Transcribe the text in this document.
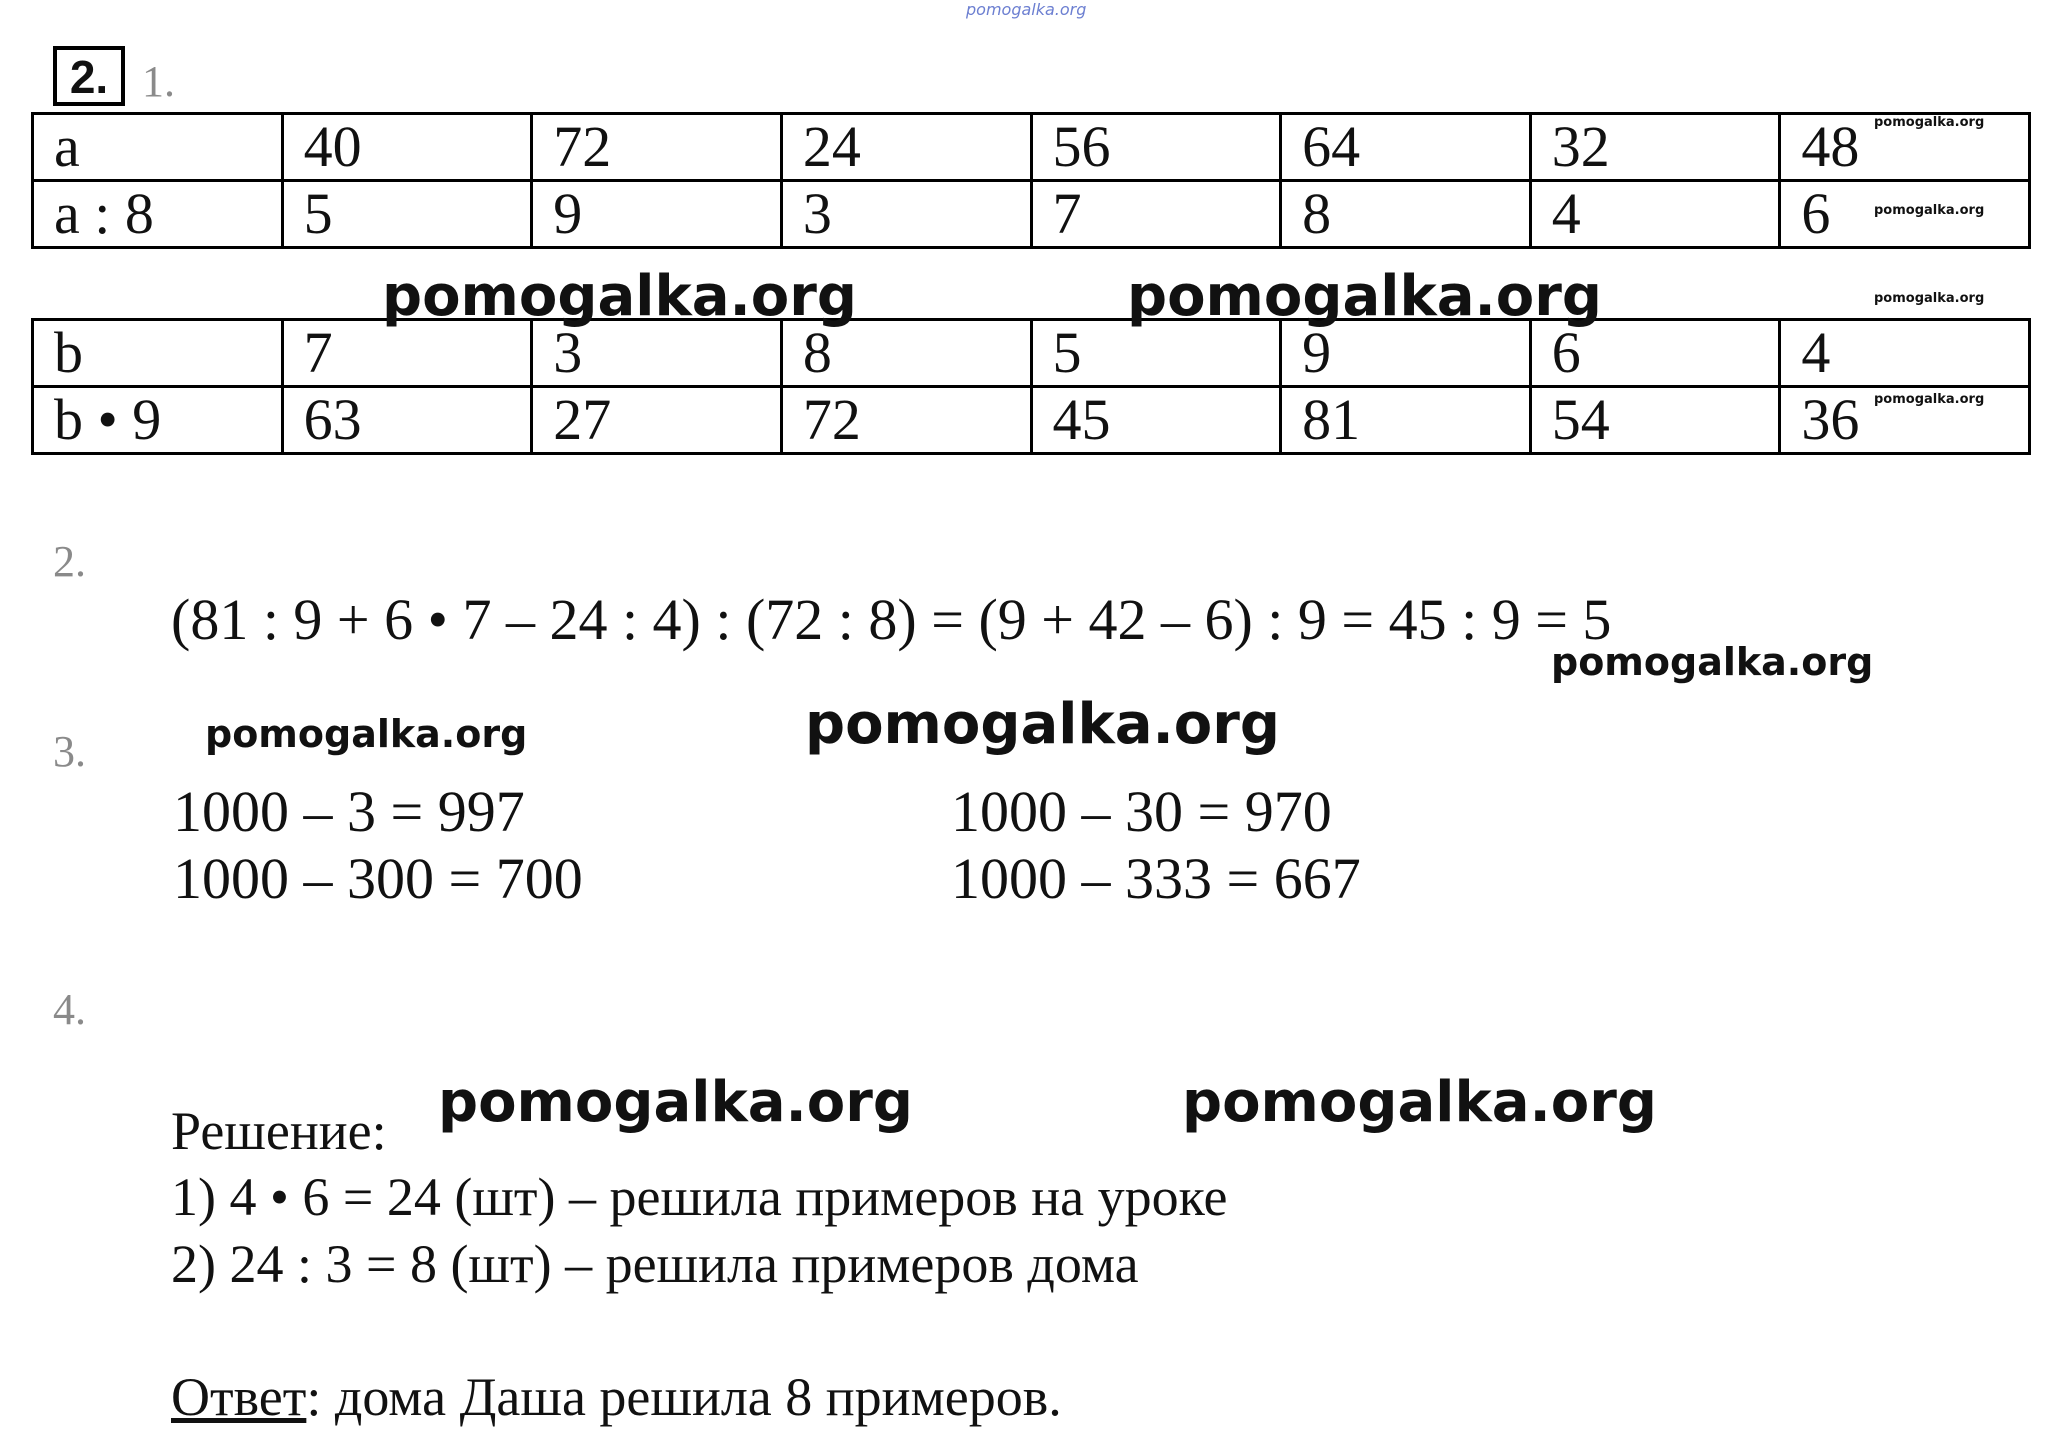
pomogalka.org
2. 1.
a	40	72	24	56	64	32	48
a : 8	5	9	3	7	8	4	6
b	7	3	8	5	9	6	4
b • 9	63	27	72	45	81	54	36
pomogalka.org
pomogalka.org
pomogalka.org
pomogalka.org
pomogalka.org	pomogalka.org
2.
(81 : 9 + 6 • 7 – 24 : 4) : (72 : 8) = (9 + 42 – 6) : 9 = 45 : 9 = 5
pomogalka.org
3.	pomogalka.org	pomogalka.org
1000 – 3 = 997	1000 – 30 = 970
1000 – 300 = 700	1000 – 333 = 667
4.
Решение: pomogalka.org	pomogalka.org
1) 4 • 6 = 24 (шт) – решила примеров на уроке
2) 24 : 3 = 8 (шт) – решила примеров дома
Ответ: дома Даша решила 8 примеров.
